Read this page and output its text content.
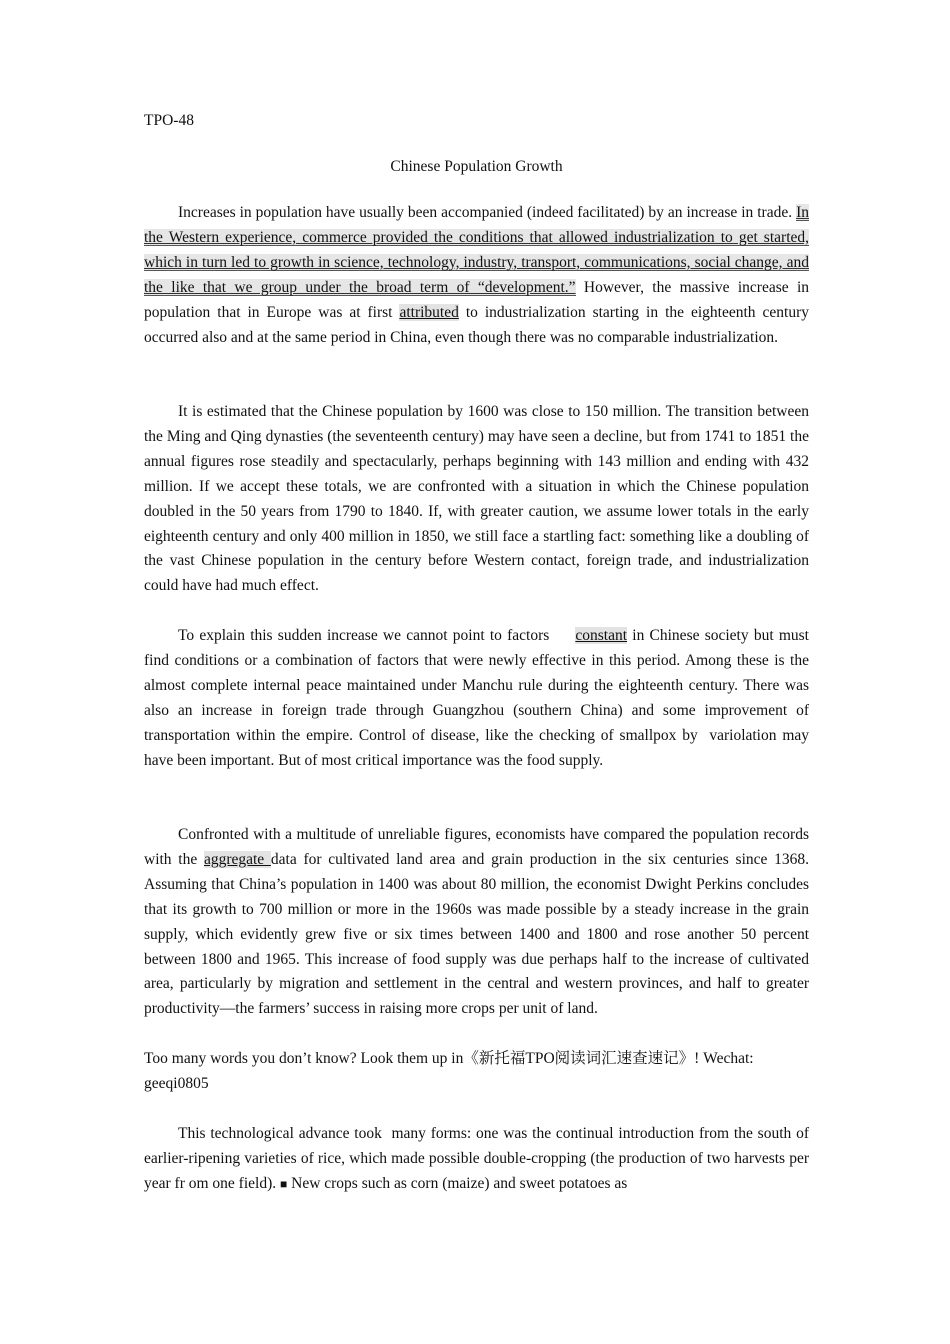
TPO-48
Chinese Population Growth

Increases in population have usually been accompanied (indeed facilitated) by an increase in trade. In the Western experience, commerce provided the conditions that allowed industrialization to get started, which in turn led to growth in science, technology, industry, transport, communications, social change, and the like that we group under the broad term of “development.” However, the massive increase in population that in Europe was at first attributed to industrialization starting in the eighteenth century occurred also and at the same period in China, even though there was no comparable industrialization.

It is estimated that the Chinese population by 1600 was close to 150 million. The transition between the Ming and Qing dynasties (the seventeenth century) may have seen a decline, but from 1741 to 1851 the annual figures rose steadily and spectacularly, perhaps beginning with 143 million and ending with 432 million. If we accept these totals, we are confronted with a situation in which the Chinese population doubled in the 50 years from 1790 to 1840. If, with greater caution, we assume lower totals in the early eighteenth century and only 400 million in 1850, we still face a startling fact: something like a doubling of the vast Chinese population in the century before Western contact, foreign trade, and industrialization could have had much effect.

To explain this sudden increase we cannot point to factors     constant in Chinese society but must find conditions or a combination of factors that were newly effective in this period. Among these is the almost complete internal peace maintained under Manchu rule during the eighteenth century. There was also an increase in foreign trade through Guangzhou (southern China) and some improvement of transportation within the empire. Control of disease, like the checking of smallpox by  variolation may have been important. But of most critical importance was the food supply.

Confronted with a multitude of unreliable figures, economists have compared the population records with the aggregate data for cultivated land area and grain production in the six centuries since 1368. Assuming that China’s population in 1400 was about 80 million, the economist Dwight Perkins concludes that its growth to 700 million or more in the 1960s was made possible by a steady increase in the grain supply, which evidently grew five or six times between 1400 and 1800 and rose another 50 percent between 1800 and 1965. This increase of food supply was due perhaps half to the increase of cultivated area, particularly by migration and settlement in the central and western provinces, and half to greater productivity—the farmers’ success in raising more crops per unit of land.

Too many words you don’t know? Look them up in《新托福TPO阅读词汇速查速记》! Wechat: geeqi0805

This technological advance took  many forms: one was the continual introduction from the south of earlier-ripening varieties of rice, which made possible double-cropping (the production of two harvests per year fr om one field). ■ New crops such as corn (maize) and sweet potatoes as
